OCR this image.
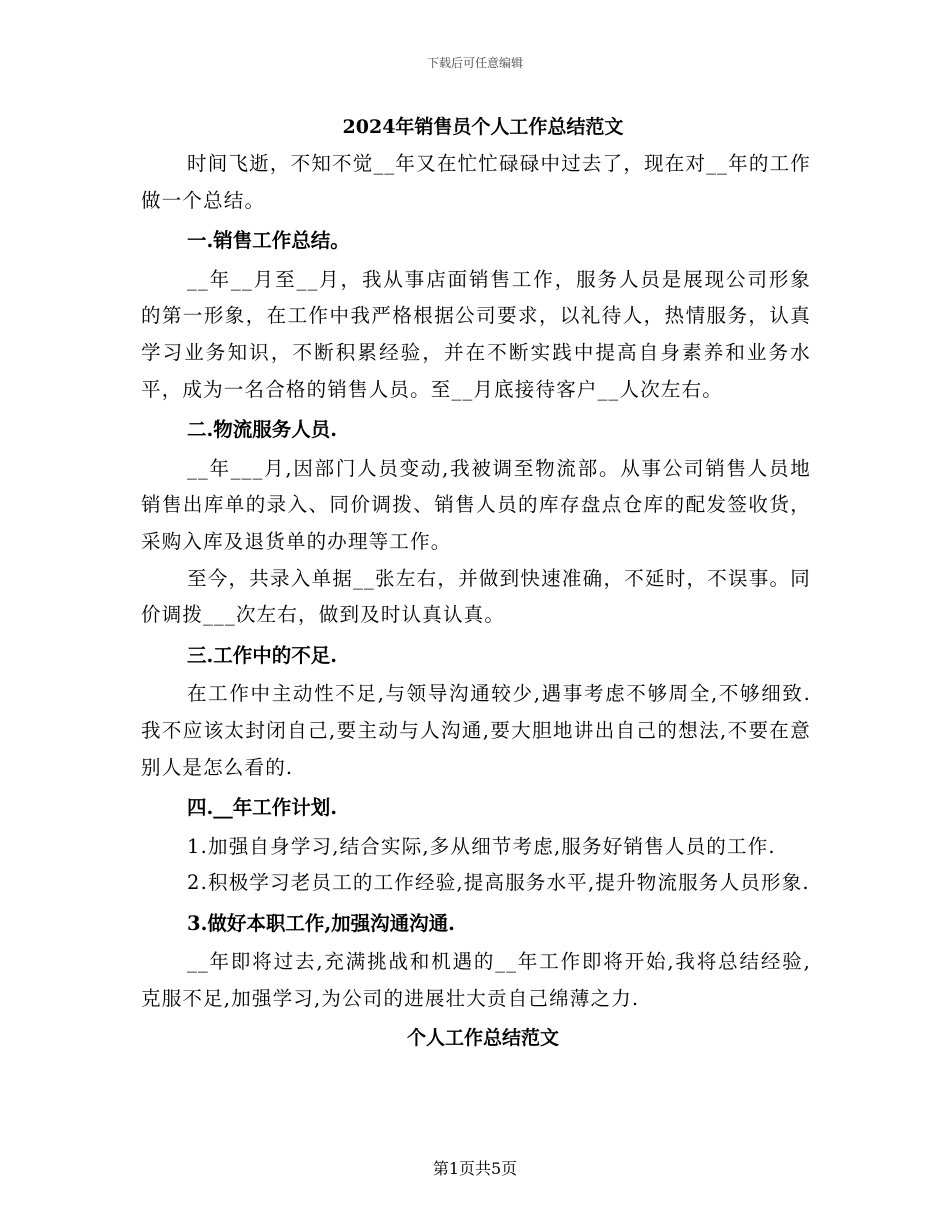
下载后可任意编辑
2024年销售员个人工作总结范文
时间飞逝，不知不觉__年又在忙忙碌碌中过去了，现在对__年的工作做一个总结。
一.销售工作总结。
__年__月至__月，我从事店面销售工作，服务人员是展现公司形象的第一形象，在工作中我严格根据公司要求，以礼待人，热情服务，认真学习业务知识，不断积累经验，并在不断实践中提高自身素养和业务水平，成为一名合格的销售人员。至__月底接待客户__人次左右。
二.物流服务人员.
__年___月,因部门人员变动,我被调至物流部。从事公司销售人员地销售出库单的录入、同价调拨、销售人员的库存盘点仓库的配发签收货，采购入库及退货单的办理等工作。
至今，共录入单据__张左右，并做到快速准确，不延时，不误事。同价调拨___次左右，做到及时认真认真。
三.工作中的不足.
在工作中主动性不足,与领导沟通较少,遇事考虑不够周全,不够细致.我不应该太封闭自己,要主动与人沟通,要大胆地讲出自己的想法,不要在意别人是怎么看的.
四.__年工作计划.
1.加强自身学习,结合实际,多从细节考虑,服务好销售人员的工作.
2.积极学习老员工的工作经验,提高服务水平,提升物流服务人员形象.
3.做好本职工作,加强沟通沟通.
__年即将过去,充满挑战和机遇的__年工作即将开始,我将总结经验,克服不足,加强学习,为公司的进展壮大贡自己绵薄之力.
个人工作总结范文
第1页共5页
